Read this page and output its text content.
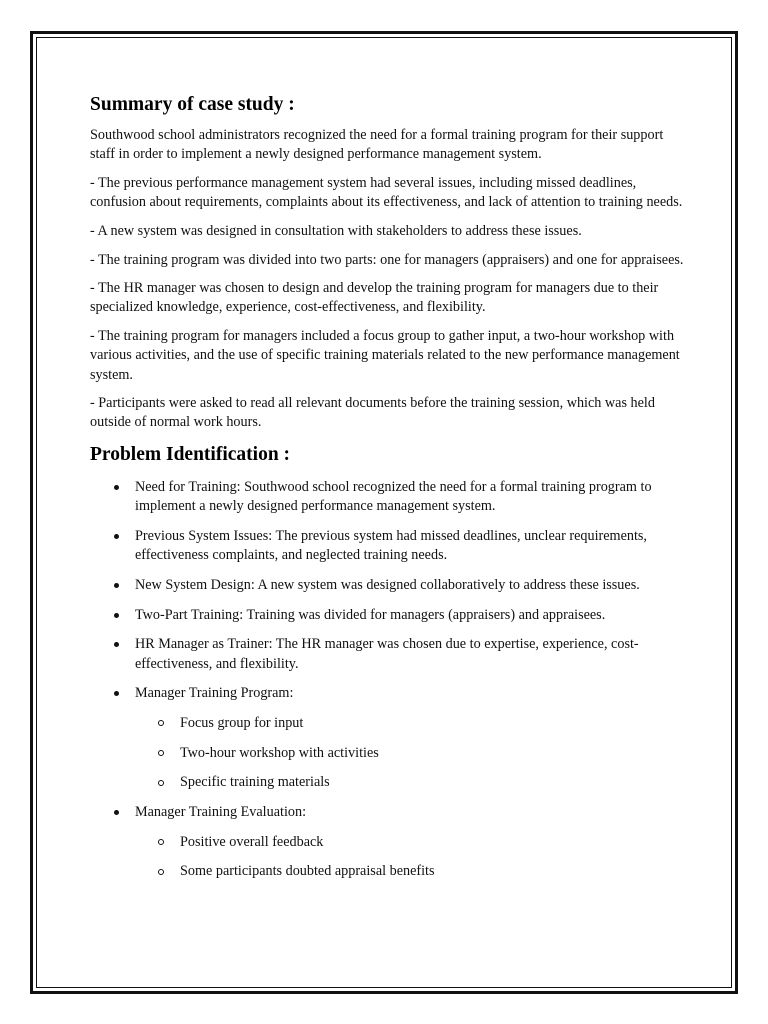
Summary of case study :

Southwood school administrators recognized the need for a formal training program for their support staff in order to implement a newly designed performance management system.

- The previous performance management system had several issues, including missed deadlines, confusion about requirements, complaints about its effectiveness, and lack of attention to training needs.

- A new system was designed in consultation with stakeholders to address these issues.

- The training program was divided into two parts: one for managers (appraisers) and one for appraisees.

- The HR manager was chosen to design and develop the training program for managers due to their specialized knowledge, experience, cost-effectiveness, and flexibility.

- The training program for managers included a focus group to gather input, a two-hour workshop with various activities, and the use of specific training materials related to the new performance management system.

- Participants were asked to read all relevant documents before the training session, which was held outside of normal work hours.

Problem Identification :
Need for Training: Southwood school recognized the need for a formal training program to implement a newly designed performance management system.
Previous System Issues: The previous system had missed deadlines, unclear requirements, effectiveness complaints, and neglected training needs.
New System Design: A new system was designed collaboratively to address these issues.
Two-Part Training: Training was divided for managers (appraisers) and appraisees.
HR Manager as Trainer: The HR manager was chosen due to expertise, experience, cost-effectiveness, and flexibility.
Manager Training Program:
Focus group for input
Two-hour workshop with activities
Specific training materials
Manager Training Evaluation:
Positive overall feedback
Some participants doubted appraisal benefits
